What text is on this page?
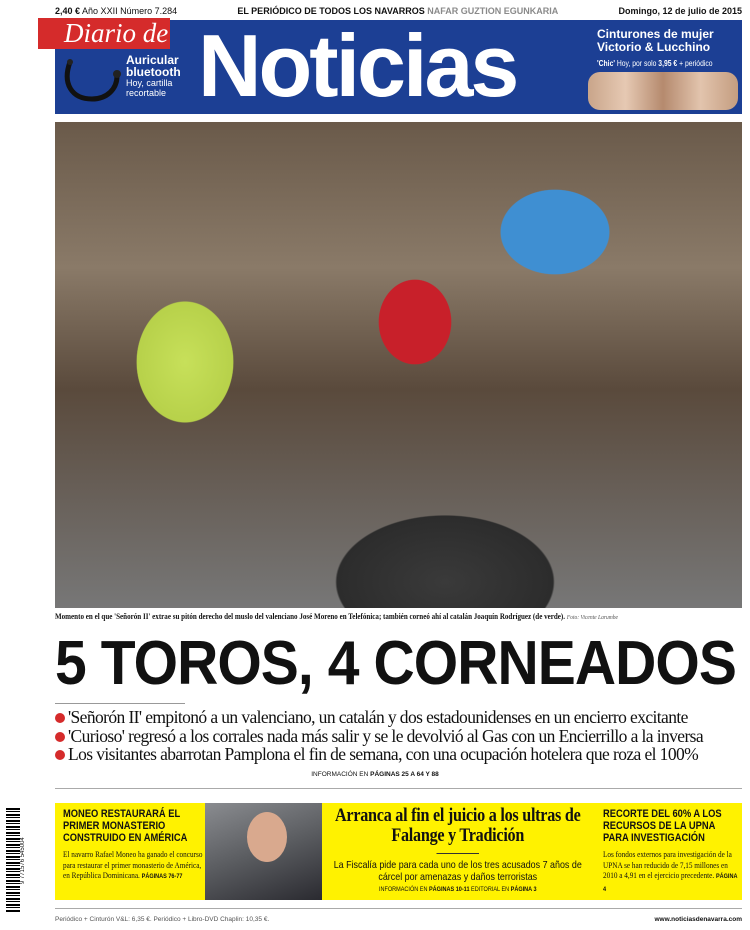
2,40 € Año XXII Número 7.284	EL PERIÓDICO DE TODOS LOS NAVARROS NAFAR GUZTION EGUNKARIA	Domingo, 12 de julio de 2015
Diario de Noticias
Auricular
bluetooth
Hoy, cartilla
recortable
Cinturones de mujer
Victorio & Lucchino
'Chic' Hoy, por solo 3,95 € + periódico
Momento en el que 'Señorón II' extrae su pitón derecho del muslo del valenciano José Moreno en Telefónica; también corneó ahí al catalán Joaquín Rodríguez (de verde). Foto: Vicente Larumbe
5 TOROS, 4 CORNEADOS
'Señorón II' empitonó a un valenciano, un catalán y dos estadounidenses en un encierro excitante
'Curioso' regresó a los corrales nada más salir y se le devolvió al Gas con un Encierrillo a la inversa
Los visitantes abarrotan Pamplona el fin de semana, con una ocupación hotelera que roza el 100%
INFORMACIÓN EN PÁGINAS 25 A 64 Y 88
MONEO RESTAURARÁ EL PRIMER MONASTERIO CONSTRUIDO EN AMÉRICA
El navarro Rafael Moneo ha ganado el concurso para restaurar el primer monasterio de América, en República Dominicana. PÁGINAS 76-77
Arranca al fin el juicio a los ultras de Falange y Tradición
La Fiscalía pide para cada uno de los tres acusados 7 años de cárcel por amenazas y daños terroristas
INFORMACIÓN EN PÁGINAS 10-11 EDITORIAL EN PÁGINA 3
RECORTE DEL 60% A LOS RECURSOS DE LA UPNA PARA INVESTIGACIÓN
Los fondos externos para investigación de la UPNA se han reducido de 7,15 millones en 2010 a 4,91 en el ejercicio precedente. PÁGINA 4
9 771576 545004
Periódico + Cinturón V&L: 6,35 €. Periódico + Libro-DVD Chaplin: 10,35 €.	www.noticiasdenavarra.com
